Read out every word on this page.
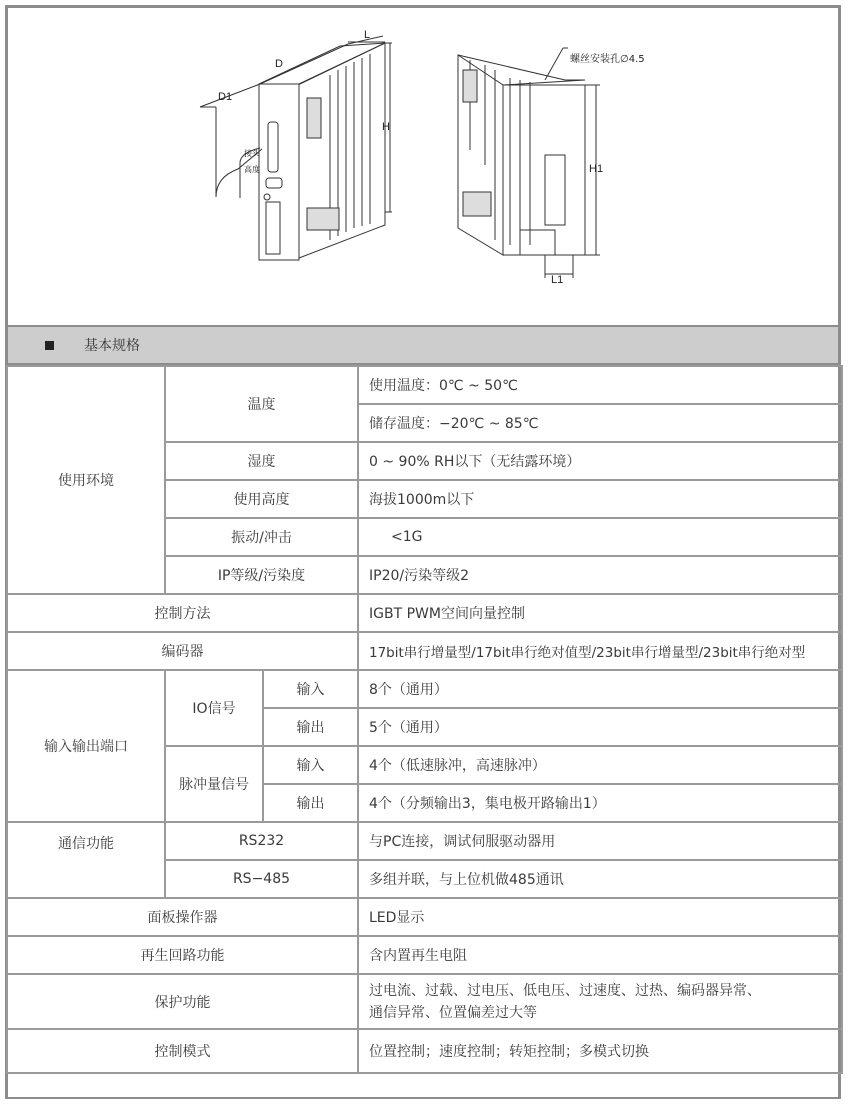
D1
D
L
H
接头
高度	H1
L1
螺丝安装孔∅4.5
基本规格
使用环境	温度		使用温度：0℃ ~ 50℃
			储存温度：−20℃ ~ 85℃
	湿度		0 ~ 90% RH以下（无结露环境）
	使用高度		海拔1000m以下
	振动/冲击		<1G
	IP等级/污染度		IP20/污染等级2
控制方法			IGBT PWM空间向量控制
编码器			17bit串行增量型/17bit串行绝对值型/23bit串行增量型/23bit串行绝对型
输入输出端口	IO信号	输入	8个（通用）
		输出	5个（通用）
	脉冲量信号	输入	4个（低速脉冲，高速脉冲）
		输出	4个（分频输出3，集电极开路输出1）
通信功能	RS232		与PC连接，调试伺服驱动器用
	RS−485		多组并联，与上位机做485通讯
面板操作器			LED显示
再生回路功能			含内置再生电阻
保护功能			过电流、过载、过电压、低电压、过速度、过热、编码器异常、
通信异常、位置偏差过大等

控制模式			位置控制；速度控制；转矩控制；多模式切换
